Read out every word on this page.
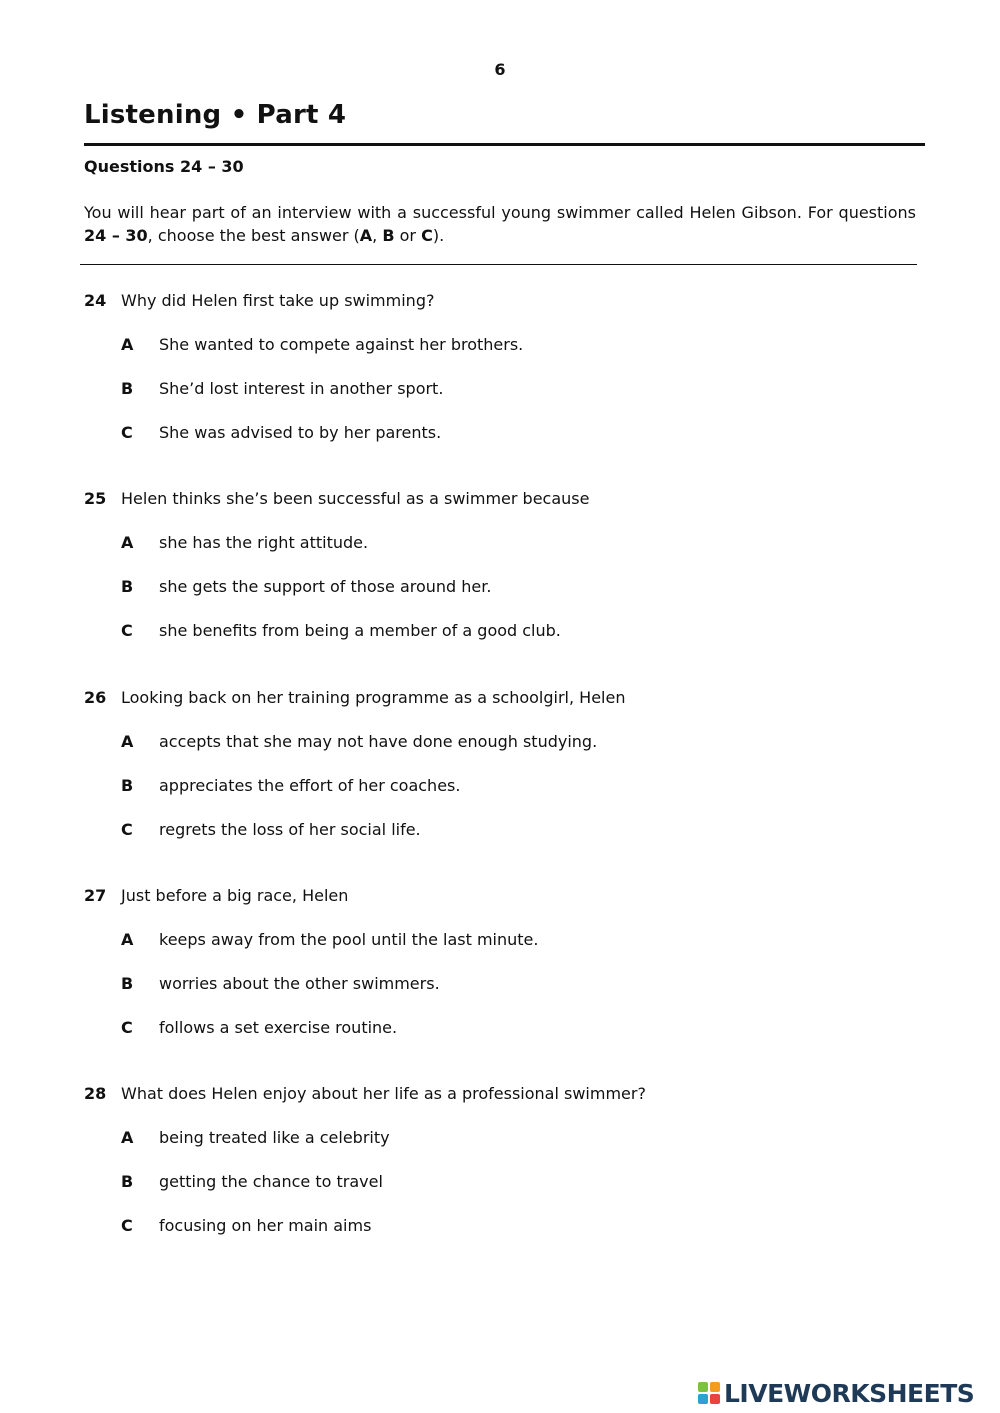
6
Listening • Part 4
Questions 24 – 30
You will hear part of an interview with a successful young swimmer called Helen Gibson. For questions 24 – 30, choose the best answer (A, B or C).
24 Why did Helen first take up swimming?
A She wanted to compete against her brothers.
B She’d lost interest in another sport.
C She was advised to by her parents.
25 Helen thinks she’s been successful as a swimmer because
A she has the right attitude.
B she gets the support of those around her.
C she benefits from being a member of a good club.
26 Looking back on her training programme as a schoolgirl, Helen
A accepts that she may not have done enough studying.
B appreciates the effort of her coaches.
C regrets the loss of her social life.
27 Just before a big race, Helen
A keeps away from the pool until the last minute.
B worries about the other swimmers.
C follows a set exercise routine.
28 What does Helen enjoy about her life as a professional swimmer?
A being treated like a celebrity
B getting the chance to travel
C focusing on her main aims
LIVEWORKSHEETS
